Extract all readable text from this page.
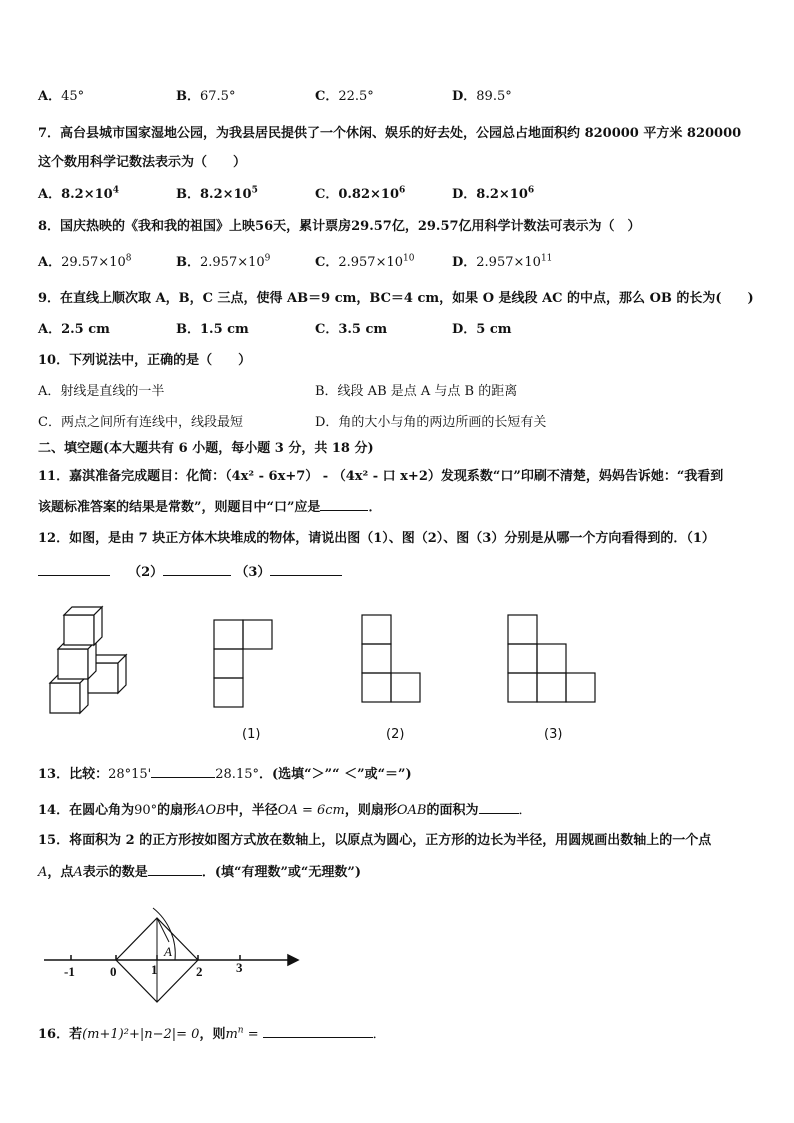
A．45°	B．67.5°	C．22.5°	D．89.5°
7．高台县城市国家湿地公园，为我县居民提供了一个休闲、娱乐的好去处，公园总占地面积约 820000 平方米 820000
这个数用科学记数法表示为（　　）
A．$8.2\times 10^4$	B．$8.2\times 10^5$	C．$0.82\times 10^6$	D．$8.2\times 10^6$
8．国庆热映的《我和我的祖国》上映56天，累计票房29.57亿，29.57亿用科学计数法可表示为（　）
A．$29.57\times 10^8$	B．$2.957\times 10^9$	C．$2.957\times 10^{10}$	D．$2.957\times 10^{11}$
9．在直线上顺次取 A，B，C 三点，使得 AB＝9 cm，BC＝4 cm，如果 O 是线段 AC 的中点，那么 OB 的长为(　　)
A．2.5 cm	B．1.5 cm	C．3.5 cm	D．5 cm
10．下列说法中，正确的是（　　）
A．射线是直线的一半	B．线段 AB 是点 A 与点 B 的距离
C．两点之间所有连线中，线段最短	D．角的大小与角的两边所画的长短有关
二、填空题(本大题共有 6 小题，每小题 3 分，共 18 分)
11．嘉淇准备完成题目：化简：（4x² - 6x+7） - （4x² - 口 x+2）发现系数“口”印刷不清楚，妈妈告诉她：“我看到
该题标准答案的结果是常数”，则题目中“口”应是	．
12．如图，是由 7 块正方体木块堆成的物体，请说出图（1）、图（2）、图（3）分别是从哪一个方向看得到的．（1）
（2）	（3）
(1)	(2)	(3)
13．比较：28°15'	28.15°．(选填“＞”“ ＜”或“＝”)
14．在圆心角为90°的扇形AOB中，半径OA = 6cm，则扇形OAB的面积为	．
15．将面积为 2 的正方形按如图方式放在数轴上，以原点为圆心，正方形的边长为半径，用圆规画出数轴上的一个点
A，点A表示的数是	．(填“有理数”或“无理数”)
-1	0	1	2	3
A
16．若(m+1)²+|n−2|= 0，则$m^n$ =	．
